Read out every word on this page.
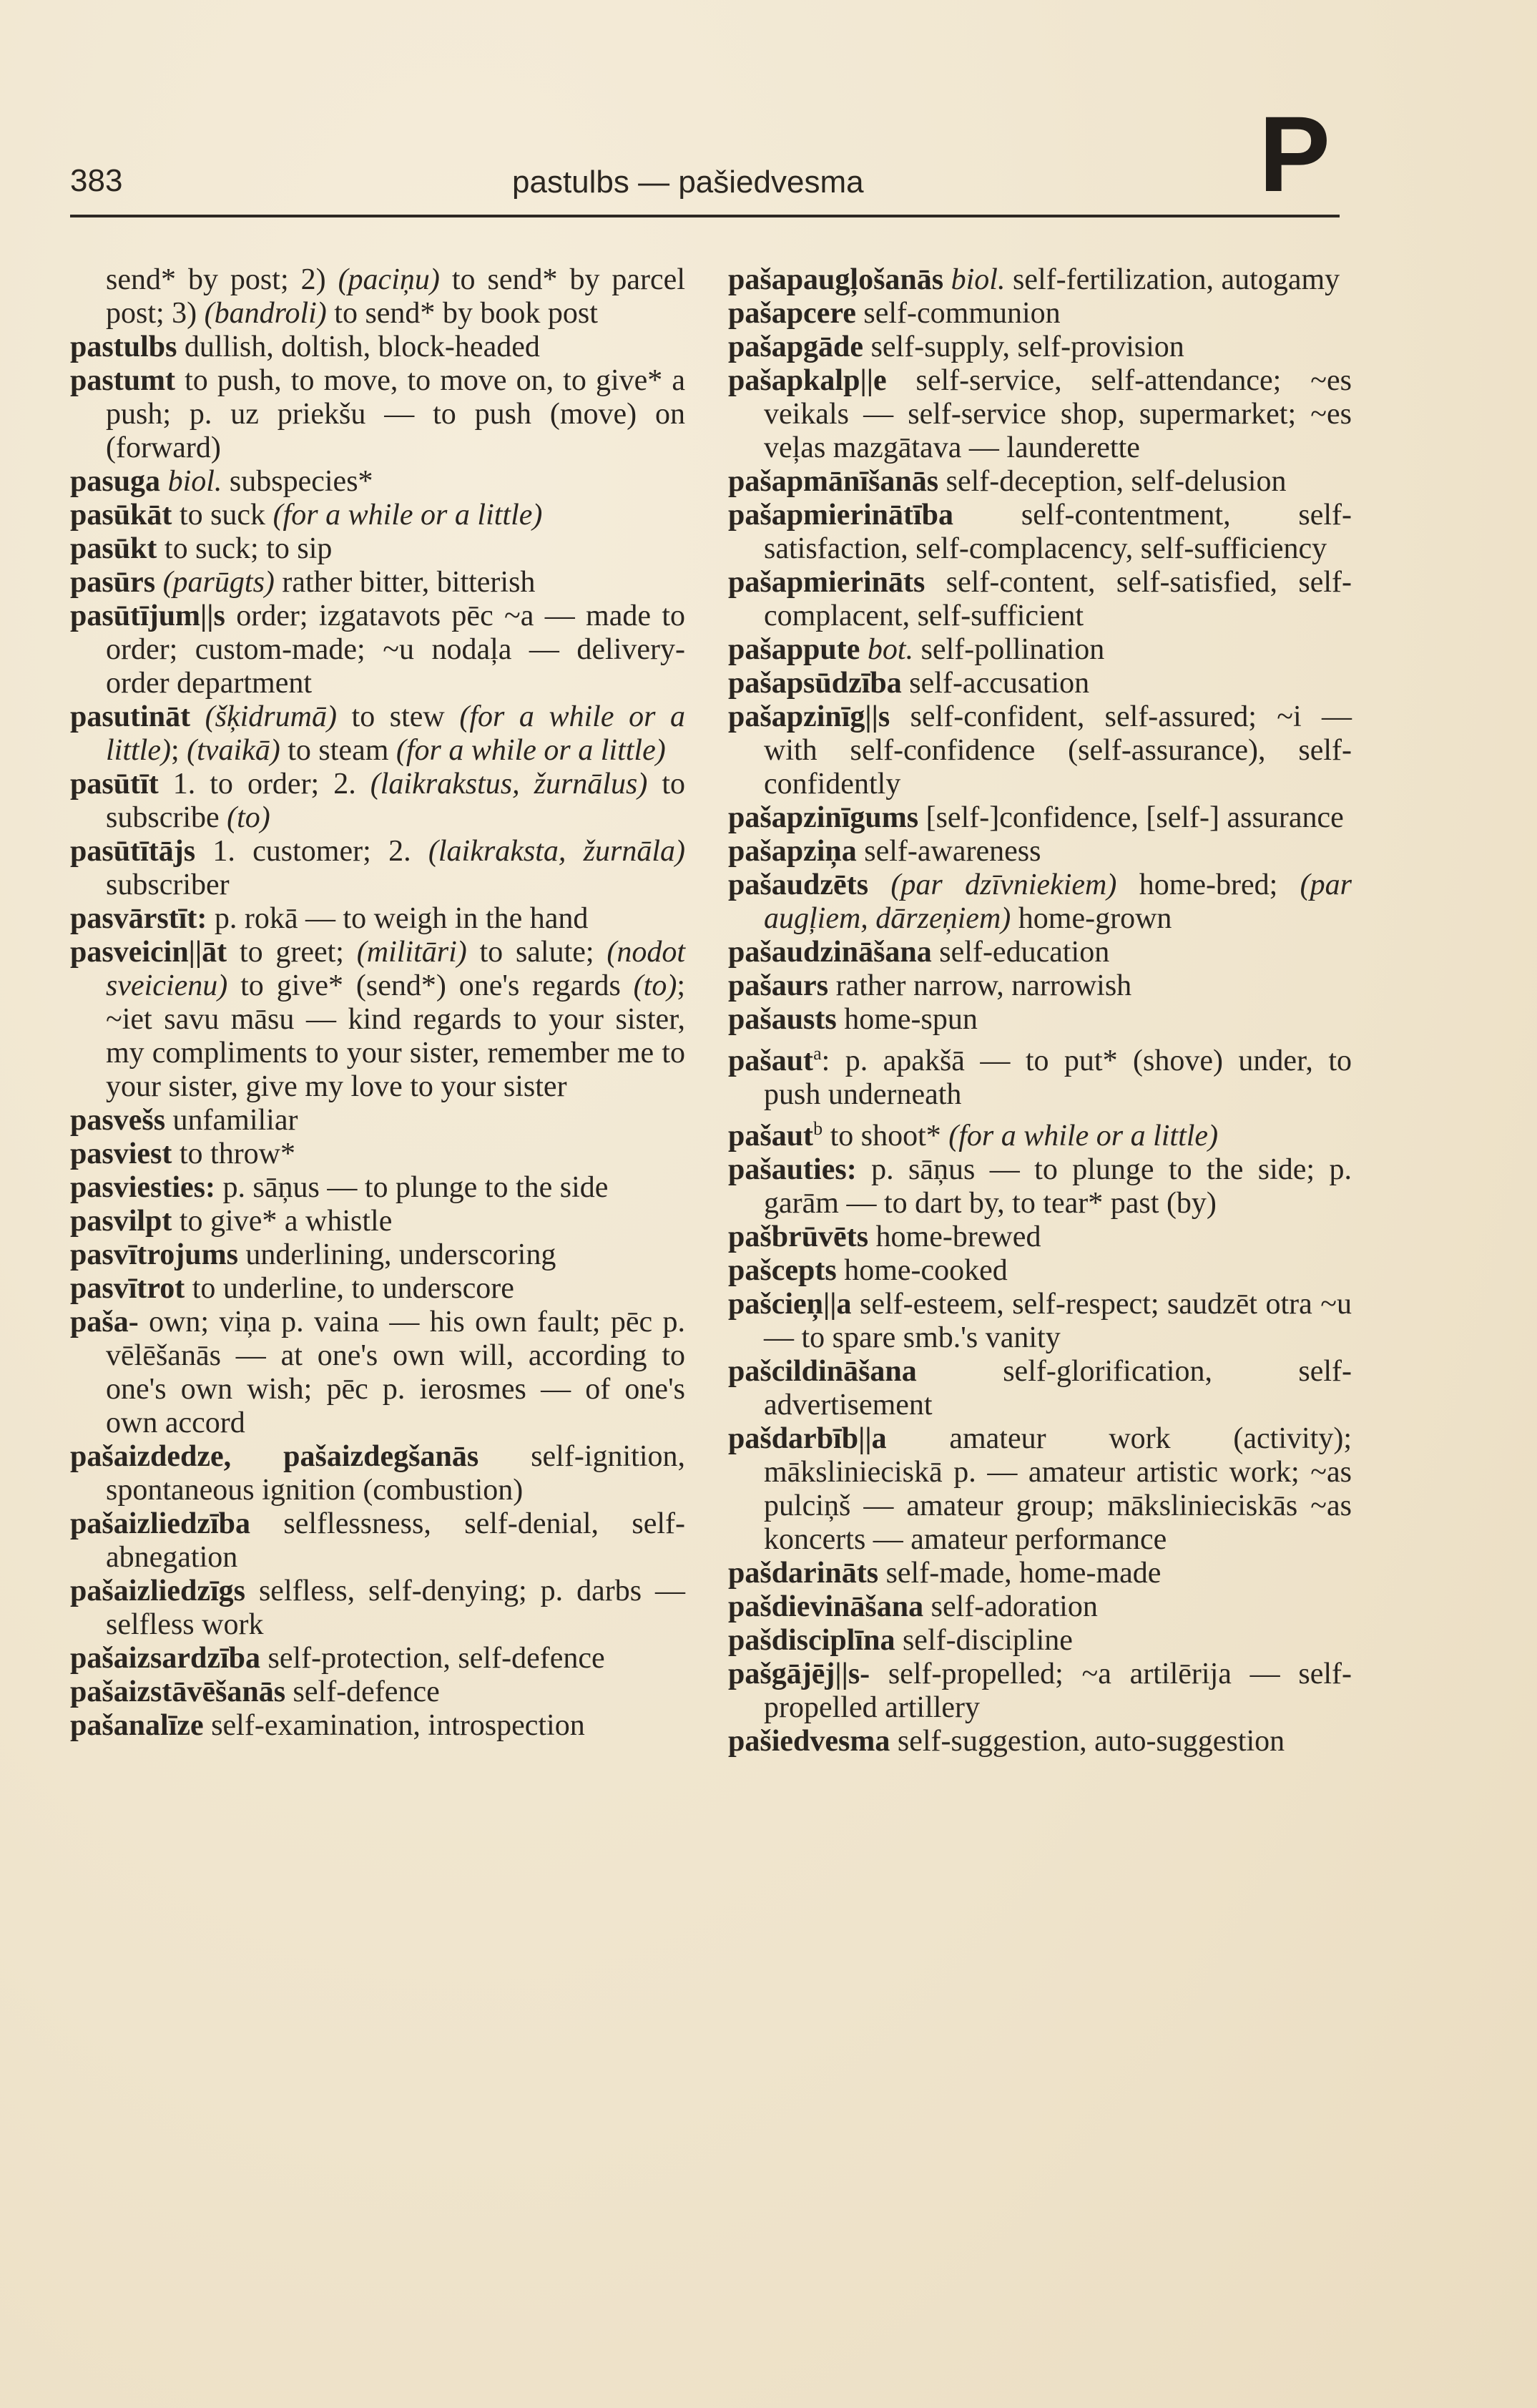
383	pastulbs — pašiedvesma	P

send* by post; 2) (paciņu) to send* by parcel post; 3) (bandroli) to send* by book post

pastulbs dullish, doltish, block-headed

pastumt to push, to move, to move on, to give* a push; p. uz priekšu — to push (move) on (forward)

pasuga biol. subspecies*

pasūkāt to suck (for a while or a little)

pasūkt to suck; to sip

pasūrs (parūgts) rather bitter, bitterish

pasūtījum||s order; izgatavots pēc ~a — made to order; custom-made; ~u nodaļa — delivery-order department

pasutināt (šķidrumā) to stew (for a while or a little); (tvaikā) to steam (for a while or a little)

pasūtīt 1. to order; 2. (laikrakstus, žurnālus) to subscribe (to)

pasūtītājs 1. customer; 2. (laikraksta, žurnāla) subscriber

pasvārstīt: p. rokā — to weigh in the hand

pasveicin||āt to greet; (militāri) to salute; (nodot sveicienu) to give* (send*) one's regards (to); ~iet savu māsu — kind regards to your sister, my compliments to your sister, remember me to your sister, give my love to your sister

pasvešs unfamiliar

pasviest to throw*

pasviesties: p. sāņus — to plunge to the side

pasvilpt to give* a whistle

pasvītrojums underlining, underscoring

pasvītrot to underline, to underscore

paša- own; viņa p. vaina — his own fault; pēc p. vēlēšanās — at one's own will, according to one's own wish; pēc p. ierosmes — of one's own accord

pašaizdedze, pašaizdegšanās self-ignition, spontaneous ignition (combustion)

pašaizliedzība selflessness, self-denial, self-abnegation

pašaizliedzīgs selfless, self-denying; p. darbs — selfless work

pašaizsardzība self-protection, self-defence

pašaizstāvēšanās self-defence

pašanalīze self-examination, introspection

pašapaugļošanās biol. self-fertilization, autogamy

pašapcere self-communion

pašapgāde self-supply, self-provision

pašapkalp||e self-service, self-attendance; ~es veikals — self-service shop, supermarket; ~es veļas mazgātava — launderette

pašapmānīšanās self-deception, self-delusion

pašapmierinātība self-contentment, self-satisfaction, self-complacency, self-sufficiency

pašapmierināts self-content, self-satisfied, self-complacent, self-sufficient

pašappute bot. self-pollination

pašapsūdzība self-accusation

pašapzinīg||s self-confident, self-assured; ~i — with self-confidence (self-assurance), self-confidently

pašapzinīgums [self-]confidence, [self-] assurance

pašapziņa self-awareness

pašaudzēts (par dzīvniekiem) home-bred; (par augļiem, dārzeņiem) home-grown

pašaudzināšana self-education

pašaurs rather narrow, narrowish

pašausts home-spun

pašaut$^a$: p. apakšā — to put* (shove) under, to push underneath

pašaut$^b$ to shoot* (for a while or a little)

pašauties: p. sāņus — to plunge to the side; p. garām — to dart by, to tear* past (by)

pašbrūvēts home-brewed

pašcepts home-cooked

pašcieņ||a self-esteem, self-respect; saudzēt otra ~u — to spare smb.'s vanity

pašcildināšana self-glorification, self-advertisement

pašdarbīb||a amateur work (activity); mākslinieciskā p. — amateur artistic work; ~as pulciņš — amateur group; mākslinieciskās ~as koncerts — amateur performance

pašdarināts self-made, home-made

pašdievināšana self-adoration

pašdisciplīna self-discipline

pašgājēj||s- self-propelled; ~a artilērija — self-propelled artillery

pašiedvesma self-suggestion, auto-suggestion
